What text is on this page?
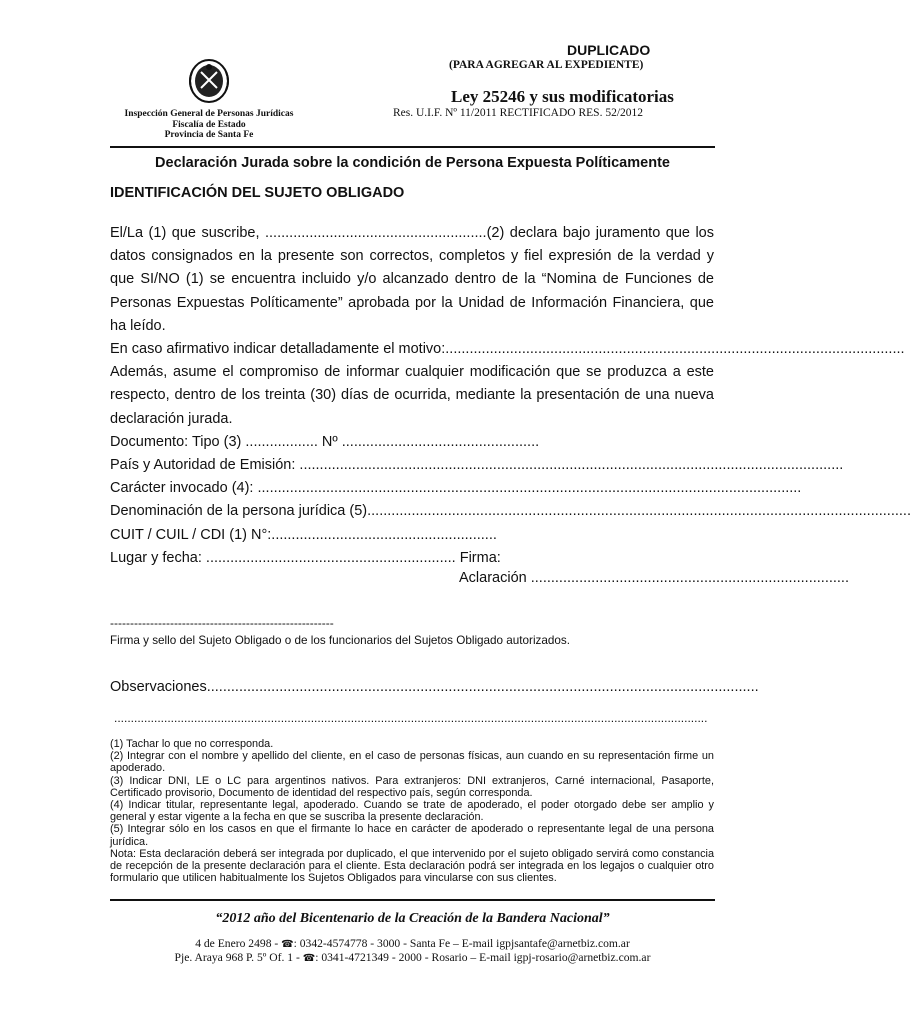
Inspección General de Personas Jurídicas
Fiscalía de Estado
Provincia de Santa Fe
DUPLICADO
(PARA AGREGAR AL EXPEDIENTE)
Ley 25246 y sus modificatorias
Res. U.I.F. Nº 11/2011 RECTIFICADO RES. 52/2012
Declaración Jurada sobre la condición de Persona Expuesta Políticamente
IDENTIFICACIÓN DEL SUJETO OBLIGADO

El/La (1) que suscribe, .......................................................(2) declara bajo juramento que los datos consignados en la presente son correctos, completos y fiel expresión de la verdad y que SI/NO (1) se encuentra incluido y/o alcanzado dentro de la “Nomina de Funciones de Personas Expuestas Políticamente” aprobada por la Unidad de Información Financiera, que ha leído.

En caso afirmativo indicar detalladamente el motivo: ..................................................................................................................

Además, asume el compromiso de informar cualquier modificación que se produzca a este respecto, dentro de los treinta (30) días de ocurrida, mediante la presentación de una nueva declaración jurada.

Documento: Tipo (3) .................. Nº .................................................
País y Autoridad de Emisión: .......................................................................................................................................
Carácter invocado (4): .......................................................................................................................................
Denominación de la persona jurídica (5) .......................................................................................................................................
CUIT / CUIL / CDI (1) N°:........................................................
Lugar y fecha: .............................................................. Firma:
Aclaración ...............................................................................
--------------------------------------------------------
Firma y sello del Sujeto Obligado o de los funcionarios del Sujetos Obligado autorizados.
Observaciones .........................................................................................................................................
..................................................................................................................................................................................

(1) Tachar lo que no corresponda.

(2) Integrar con el nombre y apellido del cliente, en el caso de personas físicas, aun cuando en su representación firme un apoderado.

(3) Indicar DNI, LE o LC para argentinos nativos. Para extranjeros: DNI extranjeros, Carné internacional, Pasaporte, Certificado provisorio, Documento de identidad del respectivo país, según corresponda.

(4) Indicar titular, representante legal, apoderado. Cuando se trate de apoderado, el poder otorgado debe ser amplio y general y estar vigente a la fecha en que se suscriba la presente declaración.

(5) Integrar sólo en los casos en que el firmante lo hace en carácter de apoderado o representante legal de una persona jurídica.

Nota: Esta declaración deberá ser integrada por duplicado, el que intervenido por el sujeto obligado servirá como constancia de recepción de la presente declaración para el cliente. Esta declaración podrá ser integrada en los legajos o cualquier otro formulario que utilicen habitualmente los Sujetos Obligados para vincularse con sus clientes.

“2012 año del Bicentenario de la Creación de la Bandera Nacional”
4 de Enero 2498 - ☎: 0342-4574778 - 3000 - Santa Fe – E-mail igpjsantafe@arnetbiz.com.ar
Pje. Araya 968 P. 5º Of. 1 - ☎: 0341-4721349 - 2000 - Rosario – E-mail igpj-rosario@arnetbiz.com.ar
